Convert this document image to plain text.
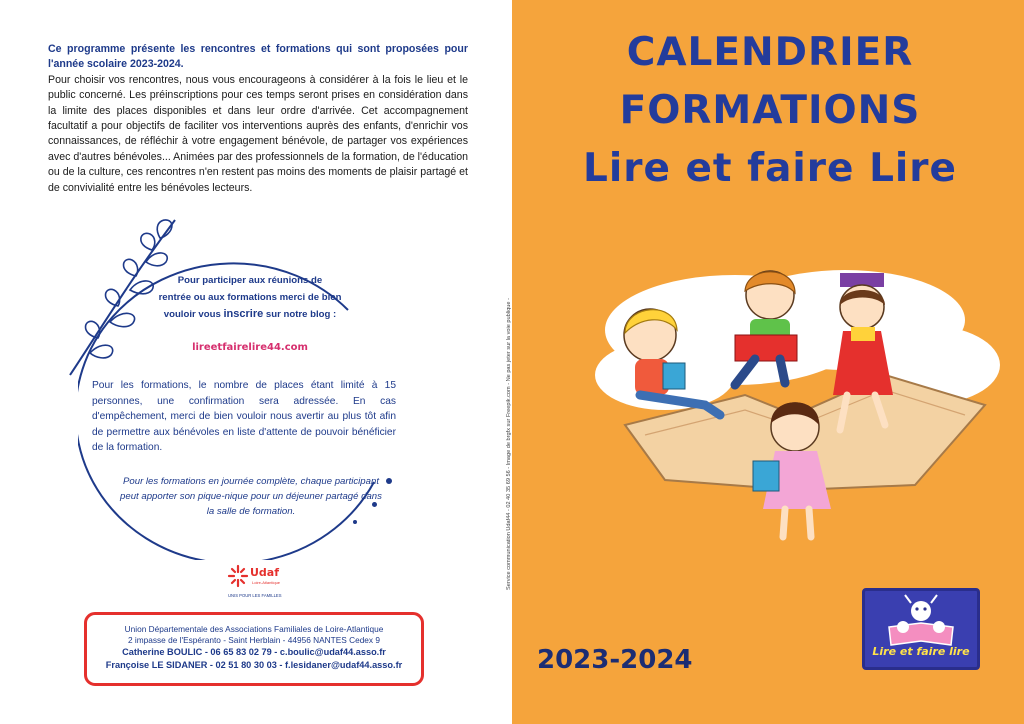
Ce programme présente les rencontres et formations qui sont proposées pour l'année scolaire 2023-2024.
Pour choisir vos rencontres, nous vous encourageons à considérer à la fois le lieu et le public concerné. Les préinscriptions pour ces temps seront prises en considération dans la limite des places disponibles et dans leur ordre d'arrivée. Cet accompagnement facultatif a pour objectifs de faciliter vos interventions auprès des enfants, d'enrichir vos connaissances, de réfléchir à votre engagement bénévole, de partager vos expériences avec d'autres bénévoles... Animées par des professionnels de la formation, de l'éducation ou de la culture, ces rencontres n'en restent pas moins des moments de plaisir partagé et de convivialité entre les bénévoles lecteurs.
Pour participer aux réunions de
rentrée ou aux formations merci de bien
vouloir vous inscrire sur notre blog :
lireetfairelire44.com
Pour les formations, le nombre de places étant limité à 15 personnes, une confirmation sera adressée. En cas d'empêchement, merci de bien vouloir nous avertir au plus tôt afin de permettre aux bénévoles en liste d'attente de pouvoir bénéficier de la formation.
Pour les formations en journée complète, chaque participant peut apporter son pique-nique pour un déjeuner partagé dans la salle de formation.
Udaf
Loire-Atlantique
UNIS POUR LES FAMILLES
Union Départementale des Associations Familiales de Loire-Atlantique
2 impasse de l'Espéranto - Saint Herblain - 44956 NANTES Cedex 9
Catherine BOULIC - 06 65 83 02 79 - c.boulic@udaf44.asso.fr
Françoise LE SIDANER - 02 51 80 30 03 - f.lesidaner@udaf44.asso.fr
Service communication Udaf44 - 02 40 35 69 56 - Image de brgfx sur Freepik.com - Ne pas jeter sur la voie publique -
CALENDRIER
FORMATIONS
Lire et faire Lire
2023-2024	Lire et faire lire
